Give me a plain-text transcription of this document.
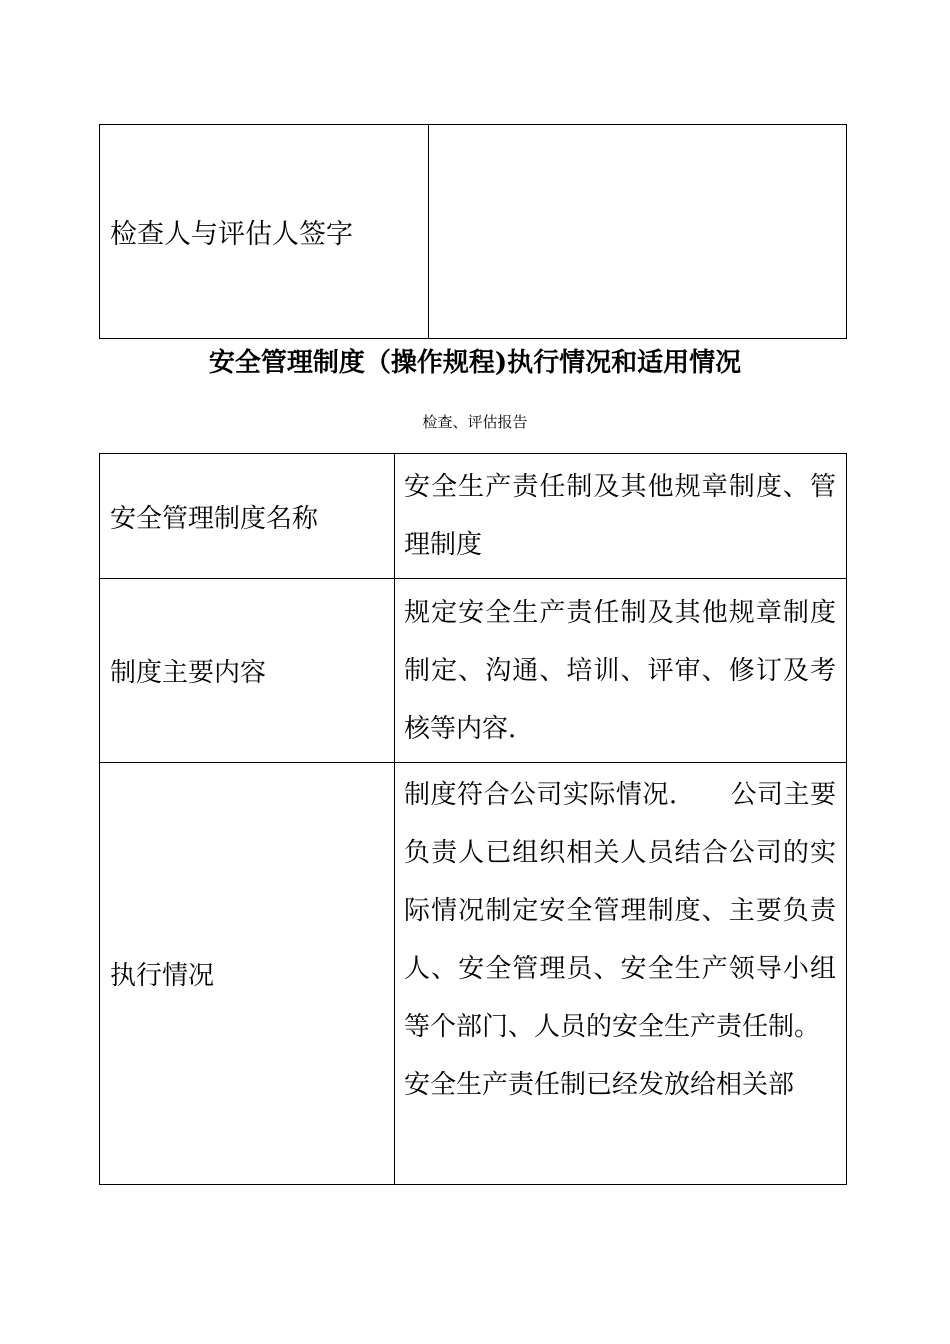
检查人与评估人签字	
安全管理制度（操作规程)执行情况和适用情况
检查、评估报告
安全管理制度名称	安全生产责任制及其他规章制度、管理制度
制度主要内容	规定安全生产责任制及其他规章制度制定、沟通、培训、评审、修订及考核等内容.
执行情况	制度符合公司实际情况.　　公司主要负责人已组织相关人员结合公司的实际情况制定安全管理制度、主要负责人、安全管理员、安全生产领导小组等个部门、人员的安全生产责任制。
安全生产责任制已经发放给相关部
